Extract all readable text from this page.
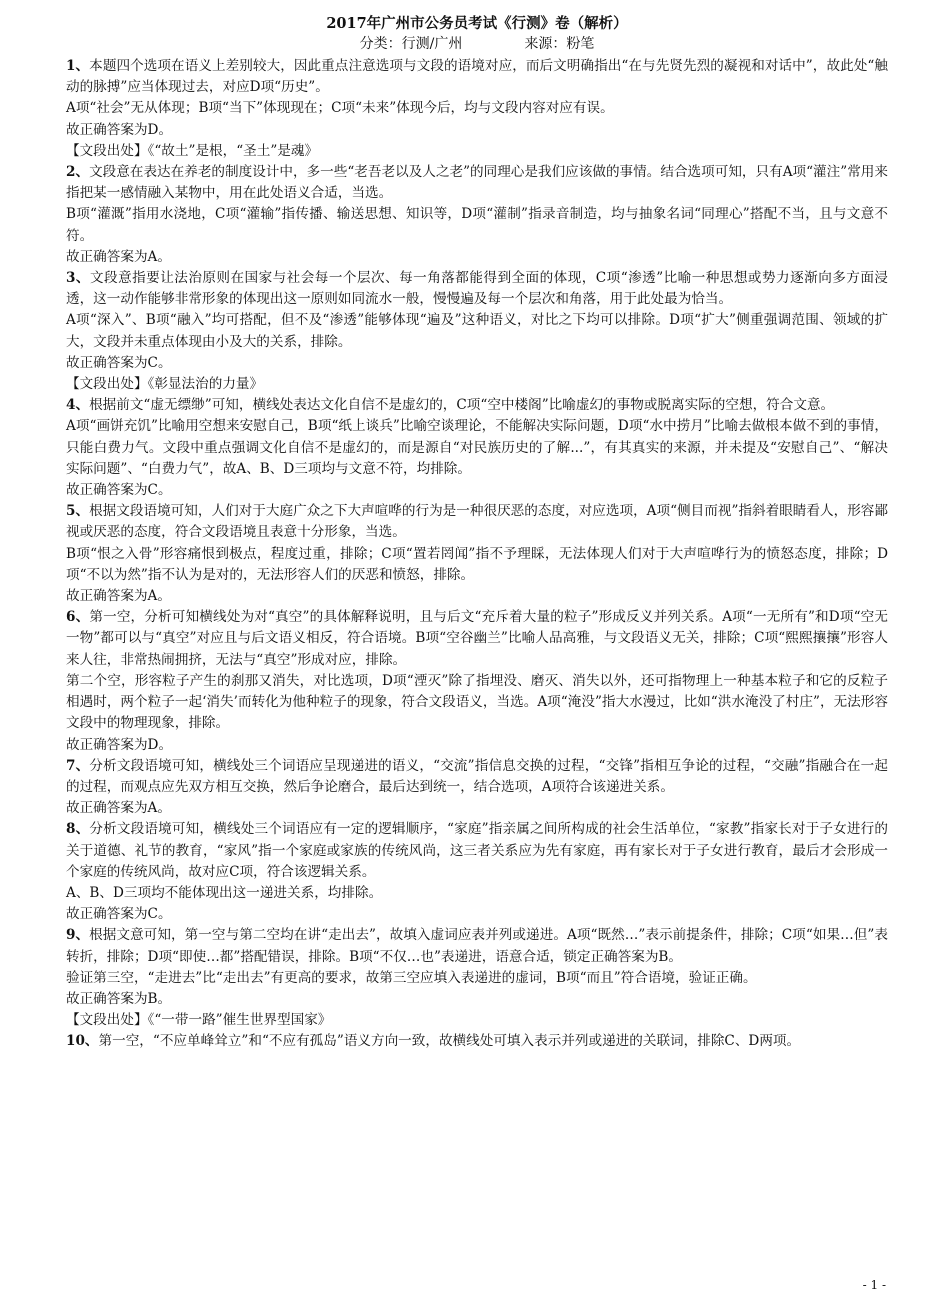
2017年广州市公务员考试《行测》卷（解析）

分类：行测/广州	来源：粉笔

1、本题四个选项在语义上差别较大，因此重点注意选项与文段的语境对应，而后文明确指出“在与先贤先烈的凝视和对话中”，故此处“触动的脉搏”应当体现过去，对应D项“历史”。

A项“社会”无从体现；B项“当下”体现现在；C项“未来”体现今后，均与文段内容对应有误。

故正确答案为D。

【文段出处】《“故土”是根，“圣土”是魂》

2、文段意在表达在养老的制度设计中，多一些“老吾老以及人之老”的同理心是我们应该做的事情。结合选项可知，只有A项“灌注”常用来指把某一感情融入某物中，用在此处语义合适，当选。

B项“灌溉”指用水浇地，C项“灌输”指传播、输送思想、知识等，D项“灌制”指录音制造，均与抽象名词“同理心”搭配不当，且与文意不符。

故正确答案为A。

3、文段意指要让法治原则在国家与社会每一个层次、每一角落都能得到全面的体现，C项“渗透”比喻一种思想或势力逐渐向多方面浸透，这一动作能够非常形象的体现出这一原则如同流水一般，慢慢遍及每一个层次和角落，用于此处最为恰当。

A项“深入”、B项“融入”均可搭配，但不及“渗透”能够体现“遍及”这种语义，对比之下均可以排除。D项“扩大”侧重强调范围、领域的扩大，文段并未重点体现由小及大的关系，排除。

故正确答案为C。

【文段出处】《彰显法治的力量》

4、根据前文“虚无缥缈”可知，横线处表达文化自信不是虚幻的，C项“空中楼阁”比喻虚幻的事物或脱离实际的空想，符合文意。

A项“画饼充饥”比喻用空想来安慰自己，B项“纸上谈兵”比喻空谈理论，不能解决实际问题，D项“水中捞月”比喻去做根本做不到的事情，只能白费力气。文段中重点强调文化自信不是虚幻的，而是源自“对民族历史的了解...”，有其真实的来源，并未提及“安慰自己”、“解决实际问题”、“白费力气”，故A、B、D三项均与文意不符，均排除。

故正确答案为C。

5、根据文段语境可知，人们对于大庭广众之下大声喧哗的行为是一种很厌恶的态度，对应选项，A项“侧目而视”指斜着眼睛看人，形容鄙视或厌恶的态度，符合文段语境且表意十分形象，当选。

B项“恨之入骨”形容痛恨到极点，程度过重，排除；C项“置若罔闻”指不予理睬，无法体现人们对于大声喧哗行为的愤怒态度，排除；D项“不以为然”指不认为是对的，无法形容人们的厌恶和愤怒，排除。

故正确答案为A。

6、第一空，分析可知横线处为对“真空”的具体解释说明，且与后文“充斥着大量的粒子”形成反义并列关系。A项“一无所有”和D项“空无一物”都可以与“真空”对应且与后文语义相反，符合语境。B项“空谷幽兰”比喻人品高雅，与文段语义无关，排除；C项“熙熙攘攘”形容人来人往，非常热闹拥挤，无法与“真空”形成对应，排除。

第二个空，形容粒子产生的刹那又消失，对比选项，D项“湮灭”除了指埋没、磨灭、消失以外，还可指物理上一种基本粒子和它的反粒子相遇时，两个粒子一起‘消失’而转化为他种粒子的现象，符合文段语义，当选。A项“淹没”指大水漫过，比如“洪水淹没了村庄”，无法形容文段中的物理现象，排除。

故正确答案为D。

7、分析文段语境可知，横线处三个词语应呈现递进的语义，“交流”指信息交换的过程，“交锋”指相互争论的过程，“交融”指融合在一起的过程，而观点应先双方相互交换，然后争论磨合，最后达到统一，结合选项，A项符合该递进关系。

故正确答案为A。

8、分析文段语境可知，横线处三个词语应有一定的逻辑顺序，“家庭”指亲属之间所构成的社会生活单位，“家教”指家长对于子女进行的关于道德、礼节的教育，“家风”指一个家庭或家族的传统风尚，这三者关系应为先有家庭，再有家长对于子女进行教育，最后才会形成一个家庭的传统风尚，故对应C项，符合该逻辑关系。

A、B、D三项均不能体现出这一递进关系，均排除。

故正确答案为C。

9、根据文意可知，第一空与第二空均在讲“走出去”，故填入虚词应表并列或递进。A项“既然…”表示前提条件，排除；C项“如果…但”表转折，排除；D项“即使…都”搭配错误，排除。B项“不仅…也”表递进，语意合适，锁定正确答案为B。

验证第三空，“走进去”比“走出去”有更高的要求，故第三空应填入表递进的虚词，B项“而且”符合语境，验证正确。

故正确答案为B。

【文段出处】《“一带一路”催生世界型国家》

10、第一空，“不应单峰耸立”和“不应有孤岛”语义方向一致，故横线处可填入表示并列或递进的关联词，排除C、D两项。

- 1 -
